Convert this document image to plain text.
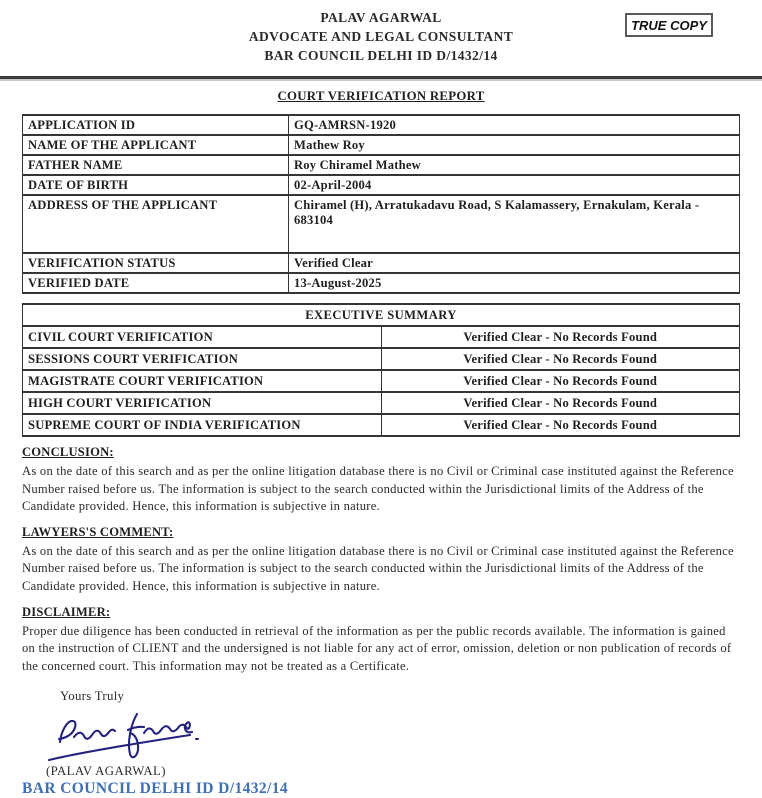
PALAV AGARWAL
ADVOCATE AND LEGAL CONSULTANT
BAR COUNCIL DELHI ID D/1432/14
TRUE COPY
COURT VERIFICATION REPORT
APPLICATION ID	GQ-AMRSN-1920
NAME OF THE APPLICANT	Mathew Roy
FATHER NAME	Roy Chiramel Mathew
DATE OF BIRTH	02-April-2004
ADDRESS OF THE APPLICANT	Chiramel (H), Arratukadavu Road, S Kalamassery, Ernakulam, Kerala - 683104
VERIFICATION STATUS	Verified Clear
VERIFIED DATE	13-August-2025
EXECUTIVE SUMMARY	
CIVIL COURT VERIFICATION	Verified Clear - No Records Found
SESSIONS COURT VERIFICATION	Verified Clear - No Records Found
MAGISTRATE COURT VERIFICATION	Verified Clear - No Records Found
HIGH COURT VERIFICATION	Verified Clear - No Records Found
SUPREME COURT OF INDIA VERIFICATION	Verified Clear - No Records Found
CONCLUSION:
As on the date of this search and as per the online litigation database there is no Civil or Criminal case instituted against the Reference Number raised before us. The information is subject to the search conducted within the Jurisdictional limits of the Address of the Candidate provided. Hence, this information is subjective in nature.
LAWYERS'S COMMENT:
As on the date of this search and as per the online litigation database there is no Civil or Criminal case instituted against the Reference Number raised before us. The information is subject to the search conducted within the Jurisdictional limits of the Address of the Candidate provided. Hence, this information is subjective in nature.
DISCLAIMER:
Proper due diligence has been conducted in retrieval of the information as per the public records available. The information is gained on the instruction of CLIENT and the undersigned is not liable for any act of error, omission, deletion or non publication of records of the concerned court. This information may not be treated as a Certificate.
Yours Truly
(PALAV AGARWAL)
BAR COUNCIL DELHI ID D/1432/14
